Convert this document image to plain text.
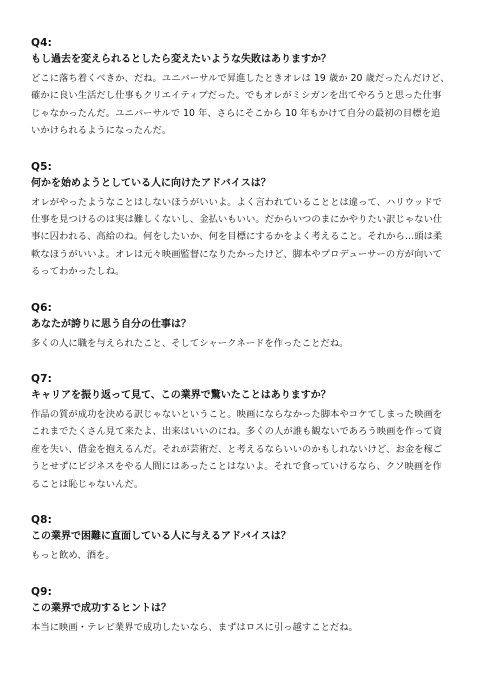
Q4:
もし過去を変えられるとしたら変えたいような失敗はありますか？

どこに落ち着くべきか、だね。ユニバーサルで昇進したときオレは 19 歳か 20 歳だったんだけど、
確かに良い生活だし仕事もクリエイティブだった。でもオレがミシガンを出てやろうと思った仕事
じゃなかったんだ。ユニバーサルで 10 年、さらにそこから 10 年もかけて自分の最初の目標を追
いかけられるようになったんだ。

Q5:
何かを始めようとしている人に向けたアドバイスは？

オレがやったようなことはしないほうがいいよ。よく言われていることとは違って、ハリウッドで
仕事を見つけるのは実は難しくないし、金払いもいい。だからいつのまにかやりたい訳じゃない仕
事に囚われる、高給のね。何をしたいか、何を目標にするかをよく考えること。それから…頭は柔
軟なほうがいいよ。オレは元々映画監督になりたかったけど、脚本やプロデューサーの方が向いて
るってわかったしね。

Q6:
あなたが誇りに思う自分の仕事は？

多くの人に職を与えられたこと、そしてシャークネードを作ったことだね。

Q7:
キャリアを振り返って見て、この業界で驚いたことはありますか？

作品の質が成功を決める訳じゃないということ。映画にならなかった脚本やコケてしまった映画を
これまでたくさん見て来たよ、出来はいいのにね。多くの人が誰も観ないであろう映画を作って資
産を失い、借金を抱えるんだ。それが芸術だ、と考えるならいいのかもしれないけど、お金を稼ご
うとせずにビジネスをやる人間にはあったことはないよ。それで食っていけるなら、クソ映画を作
ることは恥じゃないんだ。

Q8:
この業界で困難に直面している人に与えるアドバイスは？

もっと飲め、酒を。

Q9:
この業界で成功するヒントは？

本当に映画・テレビ業界で成功したいなら、まずはロスに引っ越すことだね。
